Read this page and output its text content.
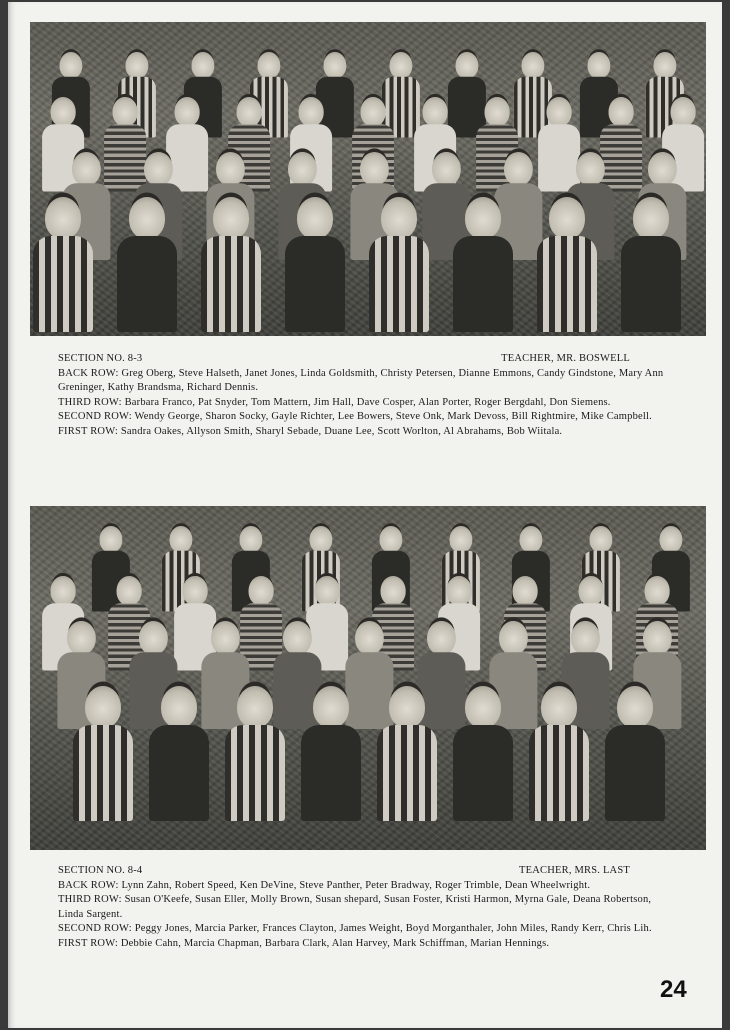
SECTION NO. 8-3	TEACHER, MR. BOSWELL
BACK ROW: Greg Oberg, Steve Halseth, Janet Jones, Linda Goldsmith, Christy Petersen, Dianne Emmons, Candy Gindstone, Mary Ann Greninger, Kathy Brandsma, Richard Dennis.
THIRD ROW: Barbara Franco, Pat Snyder, Tom Mattern, Jim Hall, Dave Cosper, Alan Porter, Roger Bergdahl, Don Siemens.
SECOND ROW: Wendy George, Sharon Socky, Gayle Richter, Lee Bowers, Steve Onk, Mark Devoss, Bill Rightmire, Mike Campbell.
FIRST ROW: Sandra Oakes, Allyson Smith, Sharyl Sebade, Duane Lee, Scott Worlton, Al Abrahams, Bob Wiitala.
SECTION NO. 8-4	TEACHER, MRS. LAST
BACK ROW: Lynn Zahn, Robert Speed, Ken DeVine, Steve Panther, Peter Bradway, Roger Trimble, Dean Wheelwright.
THIRD ROW: Susan O'Keefe, Susan Eller, Molly Brown, Susan shepard, Susan Foster, Kristi Harmon, Myrna Gale, Deana Robertson, Linda Sargent.
SECOND ROW: Peggy Jones, Marcia Parker, Frances Clayton, James Weight, Boyd Morganthaler, John Miles, Randy Kerr, Chris Lih.
FIRST ROW: Debbie Cahn, Marcia Chapman, Barbara Clark, Alan Harvey, Mark Schiffman, Marian Hennings.
24
